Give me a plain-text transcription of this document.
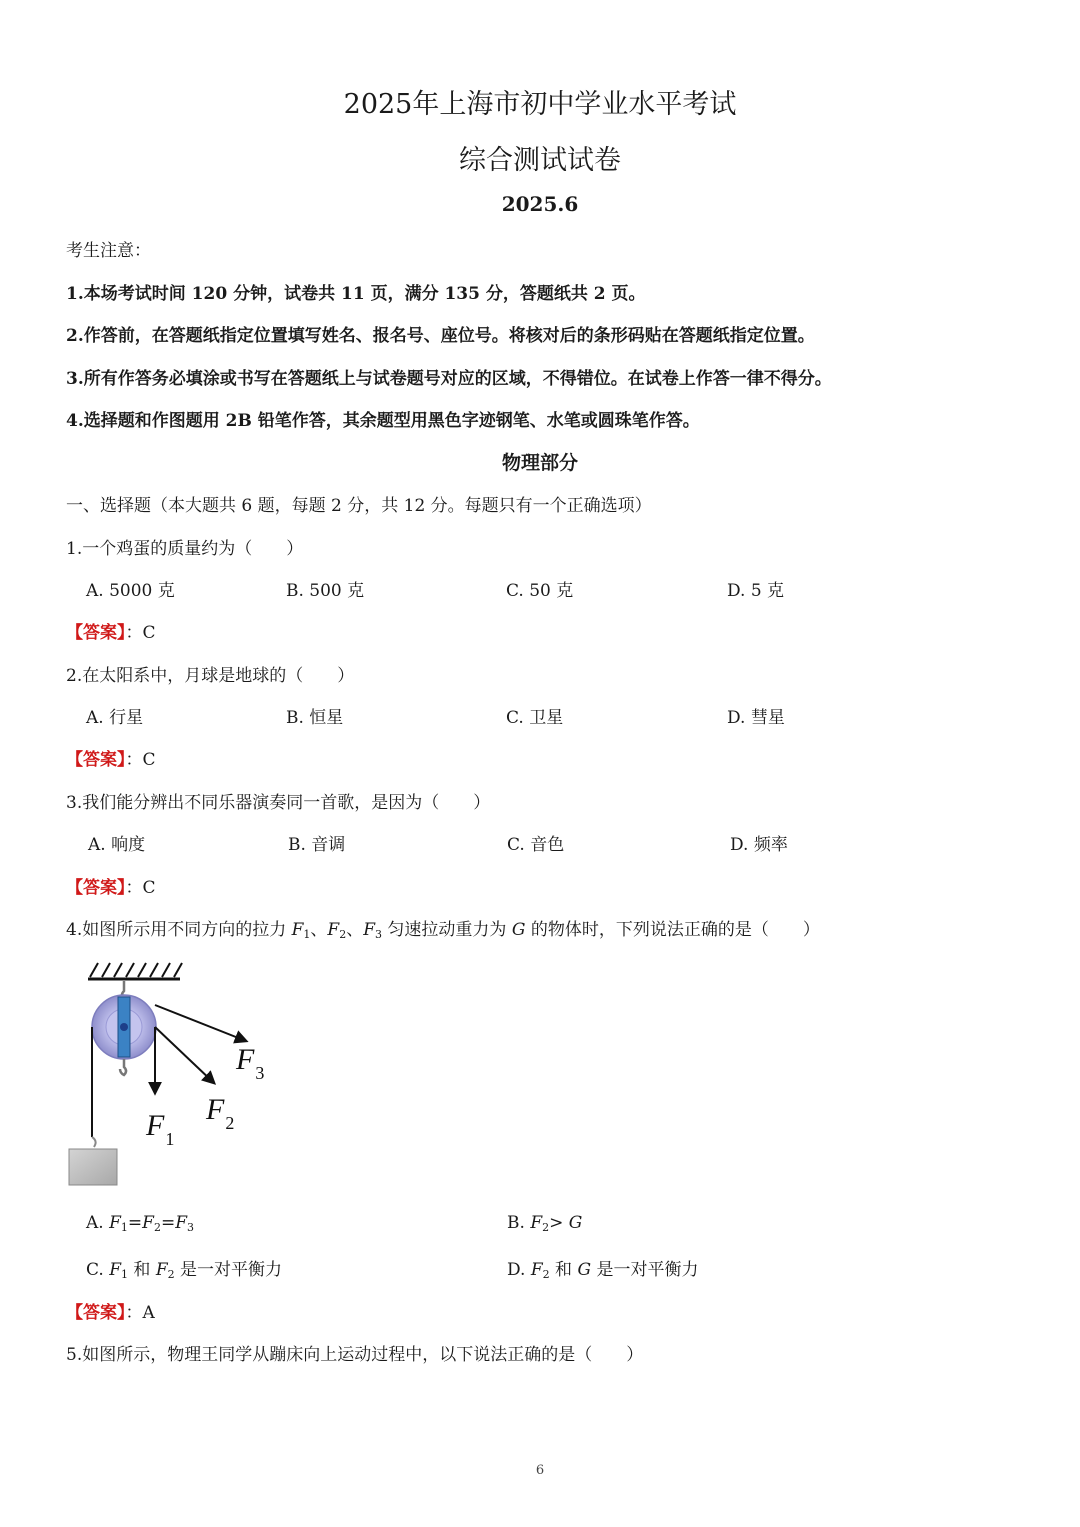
2025年上海市初中学业水平考试
综合测试试卷
2025.6
考生注意：
1.本场考试时间 120 分钟，试卷共 11 页，满分 135 分，答题纸共 2 页。
2.作答前，在答题纸指定位置填写姓名、报名号、座位号。将核对后的条形码贴在答题纸指定位置。
3.所有作答务必填涂或书写在答题纸上与试卷题号对应的区域，不得错位。在试卷上作答一律不得分。
4.选择题和作图题用 2B 铅笔作答，其余题型用黑色字迹钢笔、水笔或圆珠笔作答。
物理部分
一、选择题（本大题共 6 题，每题 2 分，共 12 分。每题只有一个正确选项）
1.一个鸡蛋的质量约为（　　）
A. 5000 克	B. 500 克	C. 50 克	D. 5 克
【答案】：C
2.在太阳系中，月球是地球的（　　）
A. 行星	B. 恒星	C. 卫星	D. 彗星
【答案】：C
3.我们能分辨出不同乐器演奏同一首歌，是因为（　　）
A. 响度	B. 音调	C. 音色	D. 频率
【答案】：C
4.如图所示用不同方向的拉力 $F_1$、$F_2$、$F_3$ 匀速拉动重力为 G 的物体时，下列说法正确的是（　　）
$F_1$
$F_2$
$F_3$
A. $F_1=F_2=F_3$	B. $F_2> G$
C. $F_1$ 和 $F_2$ 是一对平衡力	D. $F_2$ 和 G 是一对平衡力
【答案】：A
5.如图所示，物理王同学从蹦床向上运动过程中，以下说法正确的是（　　）
6
